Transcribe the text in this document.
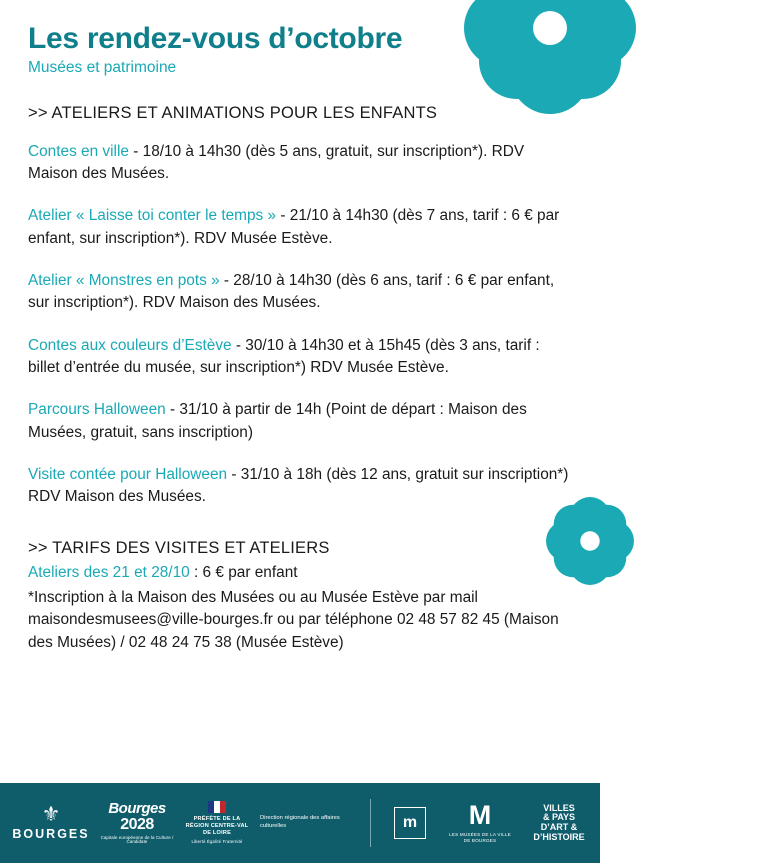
Les rendez-vous d’octobre

Musées et patrimoine

>> ATELIERS ET ANIMATIONS POUR LES ENFANTS

Contes en ville - 18/10 à 14h30 (dès 5 ans, gratuit, sur inscription*). RDV Maison des Musées.

Atelier « Laisse toi conter le temps » - 21/10 à 14h30 (dès 7 ans, tarif : 6 € par enfant, sur inscription*). RDV Musée Estève.

Atelier « Monstres en pots » - 28/10 à 14h30 (dès 6 ans, tarif : 6 € par enfant, sur inscription*). RDV Maison des Musées.

Contes aux couleurs d’Estève - 30/10 à 14h30 et à 15h45 (dès 3 ans, tarif : billet d’entrée du musée, sur inscription*) RDV Musée Estève.

Parcours Halloween - 31/10 à partir de 14h (Point de départ : Maison des Musées, gratuit, sans inscription)

Visite contée pour Halloween - 31/10 à 18h (dès 12 ans, gratuit sur inscription*) RDV Maison des Musées.

>> TARIFS DES VISITES ET ATELIERS

Ateliers des 21 et 28/10 : 6 € par enfant

*Inscription à la Maison des Musées ou au Musée Estève par mail maisondesmusees@ville-bourges.fr ou par téléphone 02 48 57 82 45 (Maison des Musées) / 02 48 24 75 38 (Musée Estève)

⚜
BOURGES
Bourges
2028
Capitale européenne de la Culture / Candidate
PRÉFÈTE DE LA RÉGION CENTRE-VAL DE LOIRE
Liberté Égalité Fraternité
Direction régionale des affaires culturelles	m	M
LES MUSÉES DE LA VILLE DE BOURGES
VILLES
& PAYS
D’ART &
D’HISTOIRE
🏛
Organisation des Nations Unies pour l’éducation, la science et la culture — Patrimoine mondial
⌂	Cathédrale de Bourges inscrite sur la Liste du patrimoine mondial en 1992
